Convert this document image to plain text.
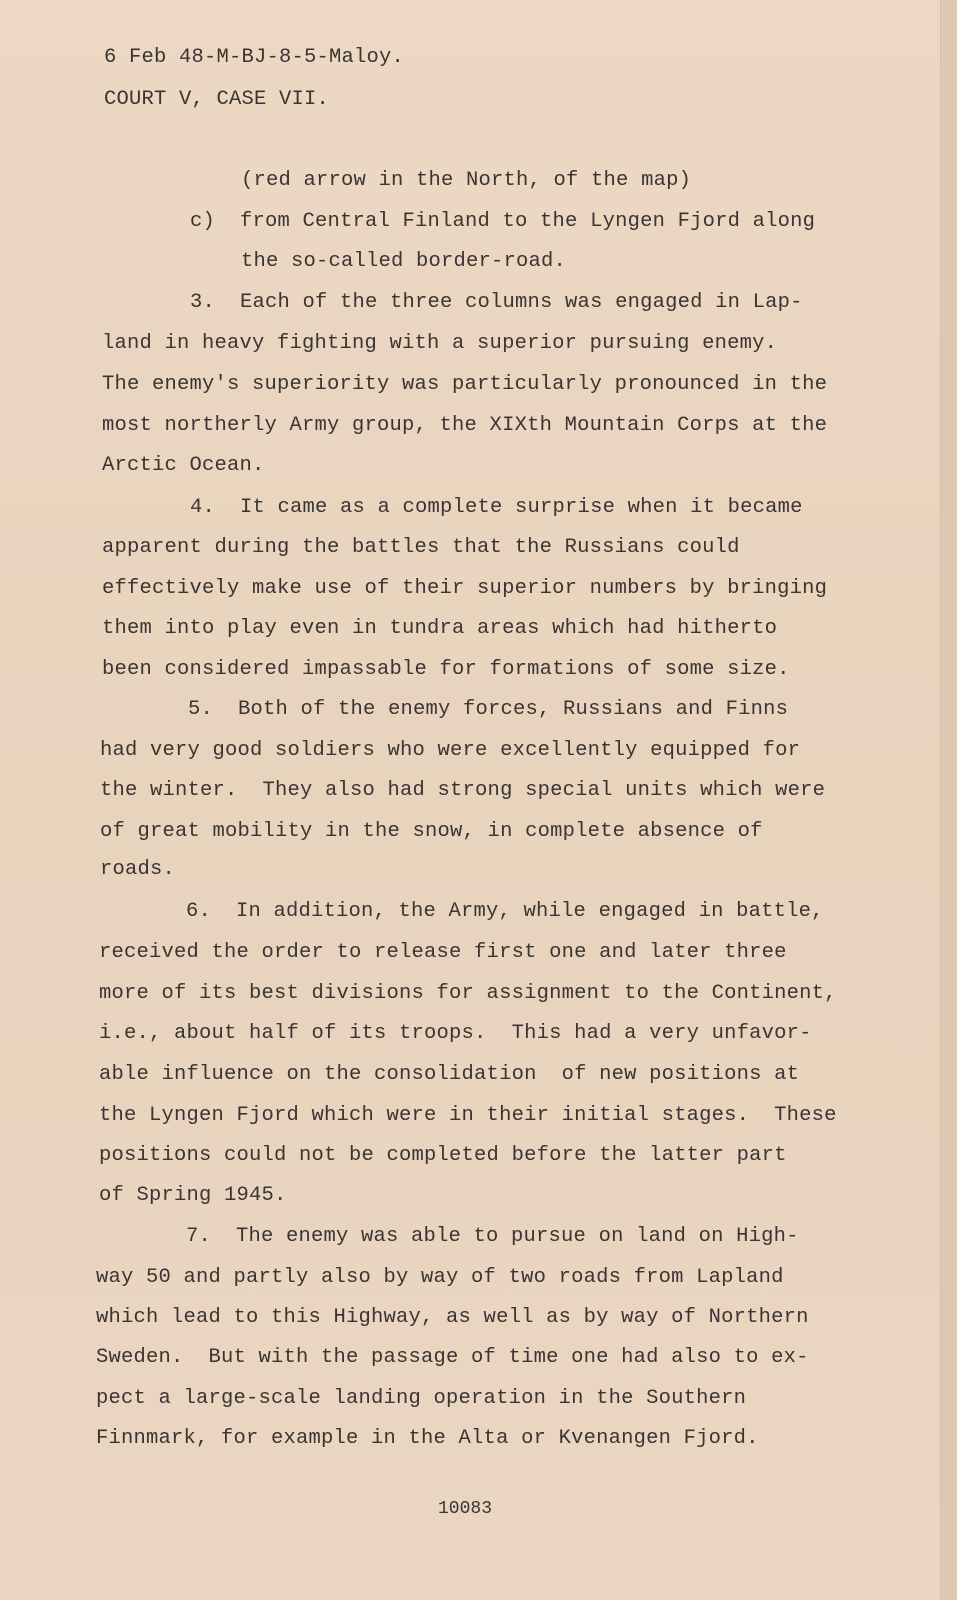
6 Feb 48-M-BJ-8-5-Maloy.
COURT V, CASE VII.
(red arrow in the North, of the map)
c)  from Central Finland to the Lyngen Fjord along
the so-called border-road.
3.  Each of the three columns was engaged in Lap-
land in heavy fighting with a superior pursuing enemy.
The enemy's superiority was particularly pronounced in the
most northerly Army group, the XIXth Mountain Corps at the
Arctic Ocean.
4.  It came as a complete surprise when it became
apparent during the battles that the Russians could
effectively make use of their superior numbers by bringing
them into play even in tundra areas which had hitherto
been considered impassable for formations of some size.
5.  Both of the enemy forces, Russians and Finns
had very good soldiers who were excellently equipped for
the winter.  They also had strong special units which were
of great mobility in the snow, in complete absence of
roads.
6.  In addition, the Army, while engaged in battle,
received the order to release first one and later three
more of its best divisions for assignment to the Continent,
i.e., about half of its troops.  This had a very unfavor-
able influence on the consolidation  of new positions at
the Lyngen Fjord which were in their initial stages.  These
positions could not be completed before the latter part
of Spring 1945.
7.  The enemy was able to pursue on land on High-
way 50 and partly also by way of two roads from Lapland
which lead to this Highway, as well as by way of Northern
Sweden.  But with the passage of time one had also to ex-
pect a large-scale landing operation in the Southern
Finnmark, for example in the Alta or Kvenangen Fjord.
10083
